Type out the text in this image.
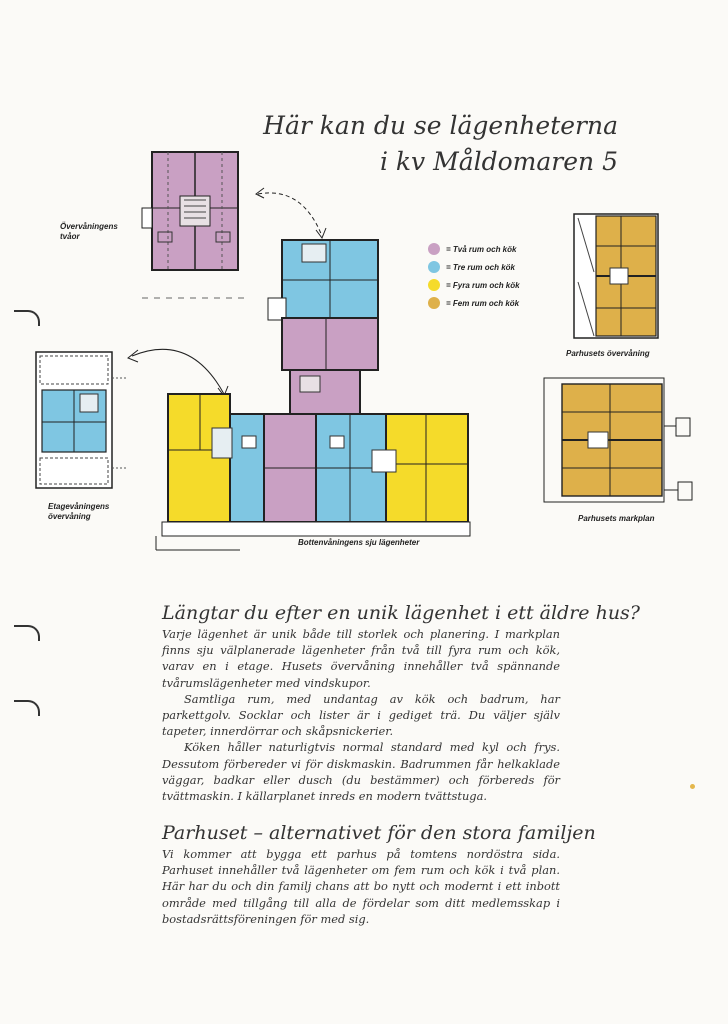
Här kan du se lägenheterna
i kv Måldomaren 5
Övervåningens
tvåor
= Två rum och kök
= Tre rum och kök
= Fyra rum och kök
= Fem rum och kök
Parhusets övervåning
Parhusets markplan
Etagevåningens
övervåning
Bottenvåningens sju lägenheter
Längtar du efter en unik lägenhet i ett äldre hus?

Varje lägenhet är unik både till storlek och planering. I markplan finns sju välplanerade lägenheter från två till fyra rum och kök, varav en i etage. Husets övervåning innehåller två spännande tvårumslägenheter med vindskupor.

Samtliga rum, med undantag av kök och badrum, har parkettgolv. Socklar och lister är i gediget trä. Du väljer själv tapeter, innerdörrar och skåpsnickerier.

Köken håller naturligtvis normal standard med kyl och frys. Dessutom förbereder vi för diskmaskin. Badrummen får helkaklade väggar, badkar eller dusch (du bestämmer) och förbereds för tvättmaskin. I källarplanet inreds en modern tvättstuga.

Parhuset – alternativet för den stora familjen

Vi kommer att bygga ett parhus på tomtens nordöstra sida. Parhuset innehåller två lägenheter om fem rum och kök i två plan. Här har du och din familj chans att bo nytt och modernt i ett inbott område med tillgång till alla de fördelar som ditt medlemsskap i bostadsrättsföreningen för med sig.
